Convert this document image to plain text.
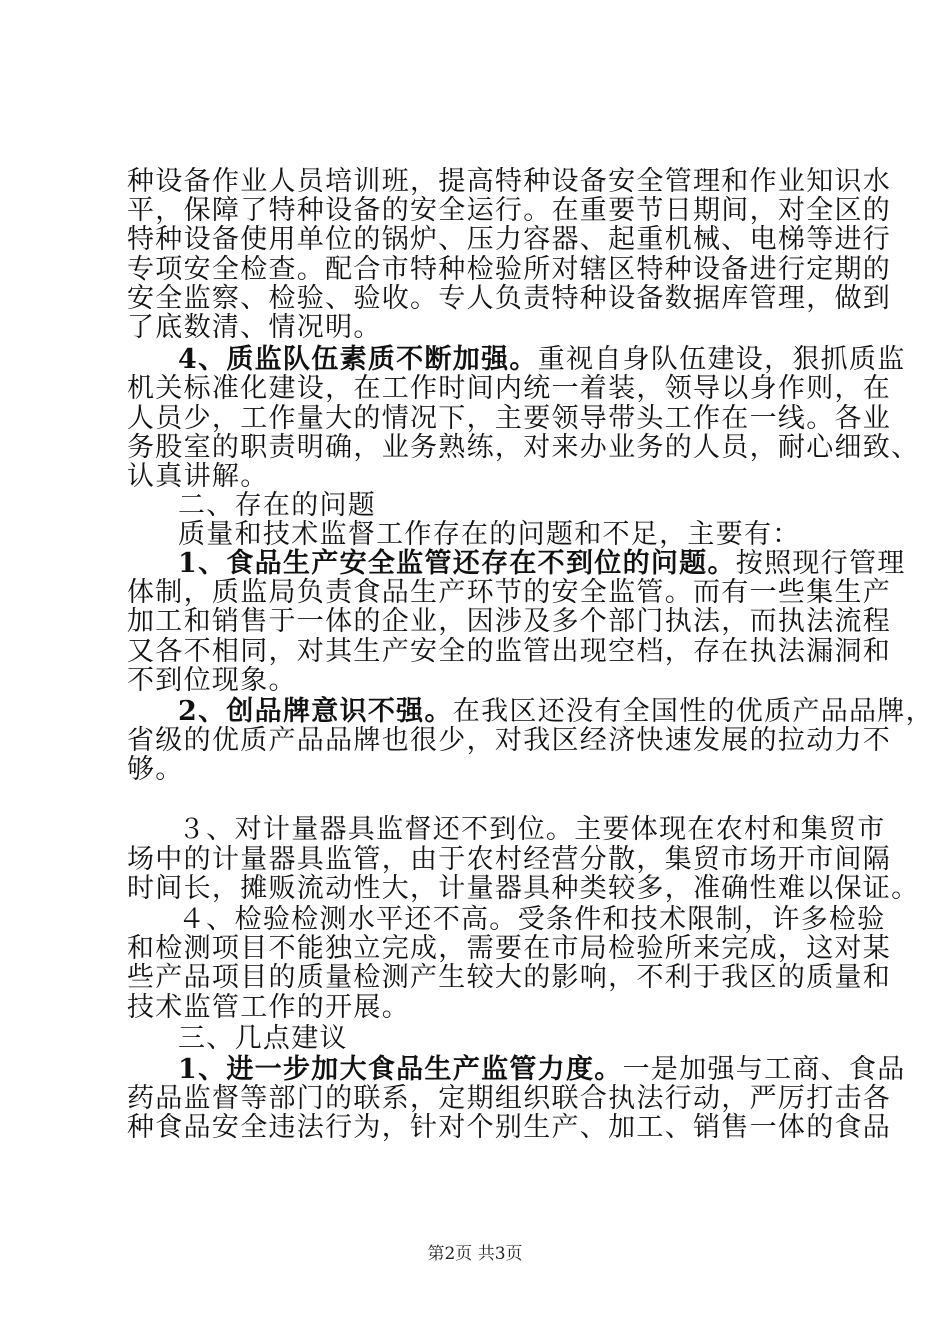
种设备作业人员培训班，提高特种设备安全管理和作业知识水
平，保障了特种设备的安全运行。在重要节日期间，对全区的
特种设备使用单位的锅炉、压力容器、起重机械、电梯等进行
专项安全检查。配合市特种检验所对辖区特种设备进行定期的
安全监察、检验、验收。专人负责特种设备数据库管理，做到
了底数清、情况明。
4、质监队伍素质不断加强。重视自身队伍建设，狠抓质监
机关标准化建设，在工作时间内统一着装，领导以身作则，在
人员少，工作量大的情况下，主要领导带头工作在一线。各业
务股室的职责明确，业务熟练，对来办业务的人员，耐心细致、
认真讲解。
二、存在的问题
质量和技术监督工作存在的问题和不足，主要有：
1、食品生产安全监管还存在不到位的问题。按照现行管理
体制，质监局负责食品生产环节的安全监管。而有一些集生产
加工和销售于一体的企业，因涉及多个部门执法，而执法流程
又各不相同，对其生产安全的监管出现空档，存在执法漏洞和
不到位现象。
2、创品牌意识不强。在我区还没有全国性的优质产品品牌，
省级的优质产品品牌也很少，对我区经济快速发展的拉动力不
够。
３、对计量器具监督还不到位。主要体现在农村和集贸市
场中的计量器具监管，由于农村经营分散，集贸市场开市间隔
时间长，摊贩流动性大，计量器具种类较多，准确性难以保证。
４、检验检测水平还不高。受条件和技术限制，许多检验
和检测项目不能独立完成，需要在市局检验所来完成，这对某
些产品项目的质量检测产生较大的影响，不利于我区的质量和
技术监管工作的开展。
三、几点建议
1、进一步加大食品生产监管力度。一是加强与工商、食品
药品监督等部门的联系，定期组织联合执法行动，严厉打击各
种食品安全违法行为，针对个别生产、加工、销售一体的食品
第2页 共3页
